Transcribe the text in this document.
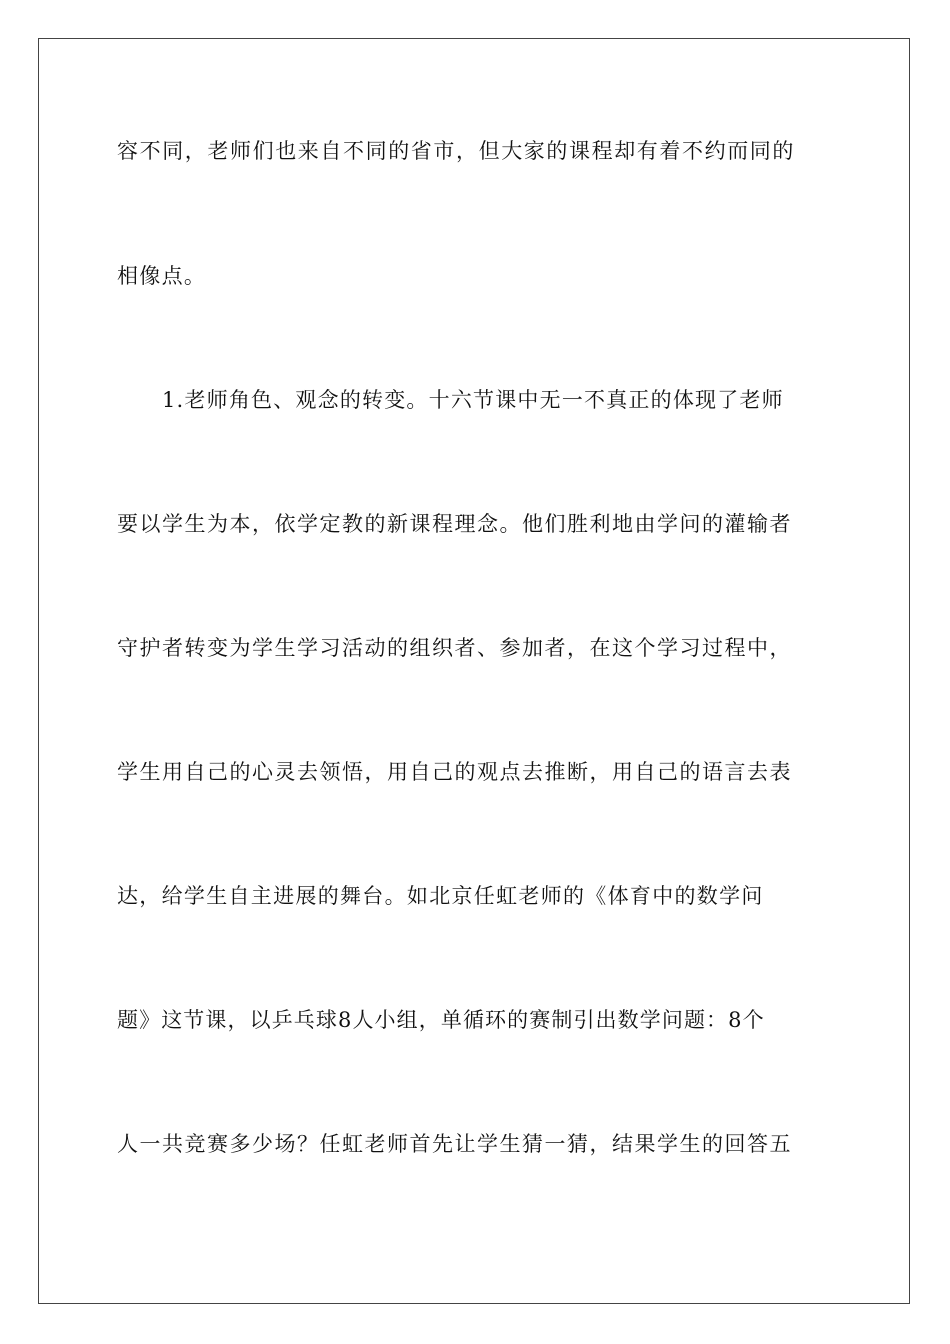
容不同，老师们也来自不同的省市，但大家的课程却有着不约而同的
相像点。
1.老师角色、观念的转变。十六节课中无一不真正的体现了老师
要以学生为本，依学定教的新课程理念。他们胜利地由学问的灌输者
守护者转变为学生学习活动的组织者、参加者，在这个学习过程中，
学生用自己的心灵去领悟，用自己的观点去推断，用自己的语言去表
达，给学生自主进展的舞台。如北京任虹老师的《体育中的数学问
题》这节课，以乒乓球8人小组，单循环的赛制引出数学问题：8个
人一共竞赛多少场？任虹老师首先让学生猜一猜，结果学生的回答五
